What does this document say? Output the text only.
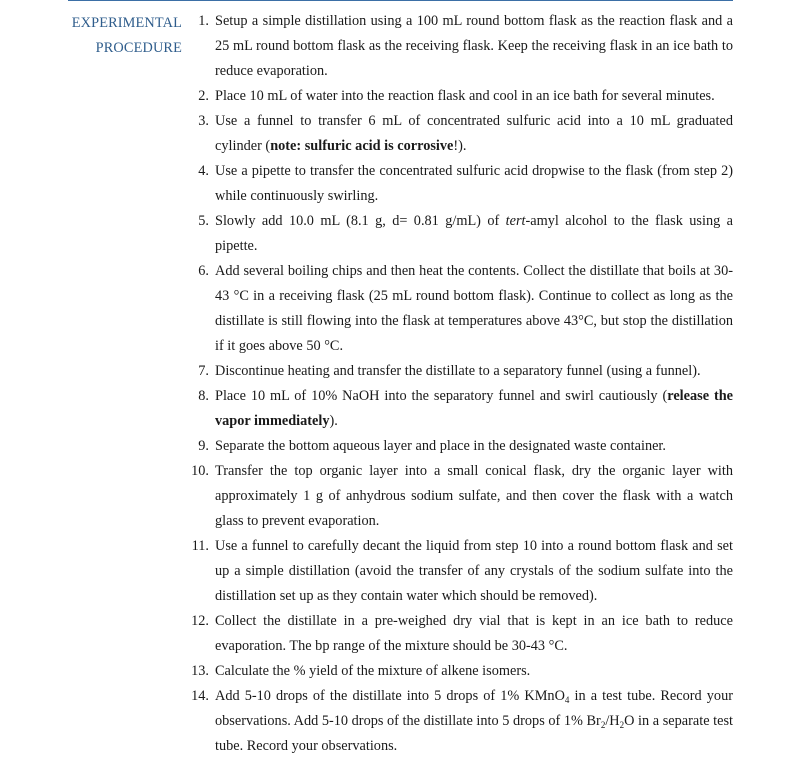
EXPERIMENTAL
PROCEDURE
1. Setup a simple distillation using a 100 mL round bottom flask as the reaction flask and a 25 mL round bottom flask as the receiving flask. Keep the receiving flask in an ice bath to reduce evaporation.
2. Place 10 mL of water into the reaction flask and cool in an ice bath for several minutes.
3. Use a funnel to transfer 6 mL of concentrated sulfuric acid into a 10 mL graduated cylinder (note: sulfuric acid is corrosive!).
4. Use a pipette to transfer the concentrated sulfuric acid dropwise to the flask (from step 2) while continuously swirling.
5. Slowly add 10.0 mL (8.1 g, d= 0.81 g/mL) of tert-amyl alcohol to the flask using a pipette.
6. Add several boiling chips and then heat the contents. Collect the distillate that boils at 30-43 °C in a receiving flask (25 mL round bottom flask). Continue to collect as long as the distillate is still flowing into the flask at temperatures above 43°C, but stop the distillation if it goes above 50 °C.
7. Discontinue heating and transfer the distillate to a separatory funnel (using a funnel).
8. Place 10 mL of 10% NaOH into the separatory funnel and swirl cautiously (release the vapor immediately).
9. Separate the bottom aqueous layer and place in the designated waste container.
10. Transfer the top organic layer into a small conical flask, dry the organic layer with approximately 1 g of anhydrous sodium sulfate, and then cover the flask with a watch glass to prevent evaporation.
11. Use a funnel to carefully decant the liquid from step 10 into a round bottom flask and set up a simple distillation (avoid the transfer of any crystals of the sodium sulfate into the distillation set up as they contain water which should be removed).
12. Collect the distillate in a pre-weighed dry vial that is kept in an ice bath to reduce evaporation. The bp range of the mixture should be 30-43 °C.
13. Calculate the % yield of the mixture of alkene isomers.
14. Add 5-10 drops of the distillate into 5 drops of 1% KMnO$_4$ in a test tube. Record your observations. Add 5-10 drops of the distillate into 5 drops of 1% $Br_2/H_2O$ in a separate test tube. Record your observations.
